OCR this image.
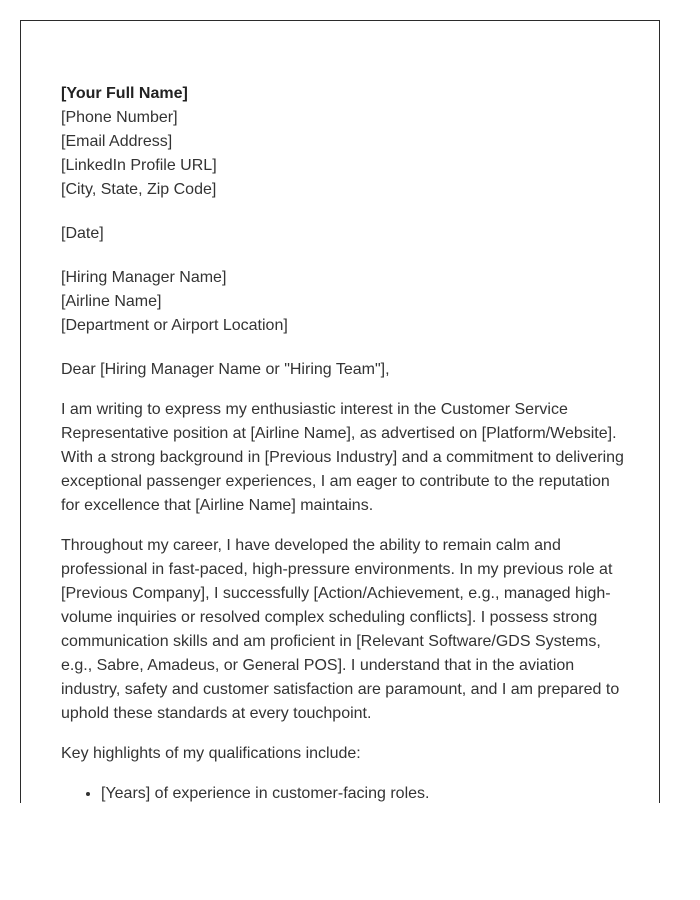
[Your Full Name]
[Phone Number]
[Email Address]
[LinkedIn Profile URL]
[City, State, Zip Code]
[Date]
[Hiring Manager Name]
[Airline Name]
[Department or Airport Location]

Dear [Hiring Manager Name or "Hiring Team"],

I am writing to express my enthusiastic interest in the Customer Service Representative position at [Airline Name], as advertised on [Platform/Website]. With a strong background in [Previous Industry] and a commitment to delivering exceptional passenger experiences, I am eager to contribute to the reputation for excellence that [Airline Name] maintains.

Throughout my career, I have developed the ability to remain calm and professional in fast-paced, high-pressure environments. In my previous role at [Previous Company], I successfully [Action/Achievement, e.g., managed high-volume inquiries or resolved complex scheduling conflicts]. I possess strong communication skills and am proficient in [Relevant Software/GDS Systems, e.g., Sabre, Amadeus, or General POS]. I understand that in the aviation industry, safety and customer satisfaction are paramount, and I am prepared to uphold these standards at every touchpoint.

Key highlights of my qualifications include:

• [Years] of experience in customer-facing roles.
